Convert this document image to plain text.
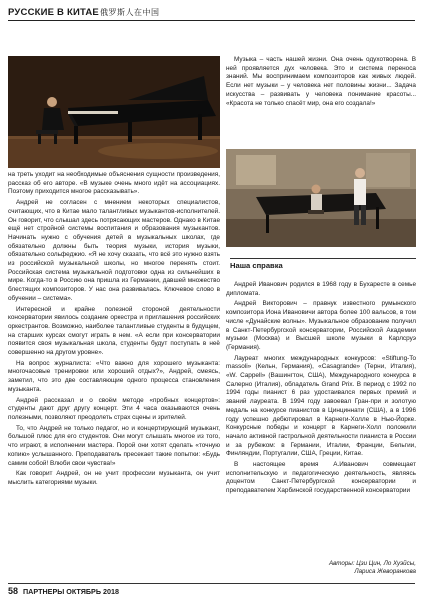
РУССКИЕ В КИТАЕ 俄罗斯人在中国

Музыка – часть нашей жизни. Она очень одухотворена. В ней проявляется дух человека. Это и система переноса знаний. Мы воспринимаем композиторов как живых людей. Если нет музыки – у человека нет половины жизни... Задача искусства – развивать у человека понимание красоты... «Красота не только спасёт мир, она его создала!»

Наша справка

на треть уходит на необходимые объяснения сущности произведения, рассказ об его авторе. «В музыке очень много идёт на ассоциациях. Поэтому приходится многое рассказывать».

Андрей не согласен с мнением некоторых специалистов, считающих, что в Китае мало талантливых музыкантов-исполнителей. Он говорит, что слышал здесь потрясающих мастеров. Однако в Китае ещё нет стройной системы воспитания и образования музыкантов. Начинать нужно с обучения детей в музыкальных школах, где обязательно должны быть теория музыки, история музыки, обязательно сольфеджио. «Я не хочу сказать, что всё это нужно взять из российской музыкальной школы, но многое перенять стоит. Российская система музыкальной подготовки одна из сильнейших в мире. Когда-то в Россию она пришла из Германии, давшей множество блестящих композиторов. У нас она развивалась. Ключевое слово в обучении – система».

Интересной и крайне полезной стороной деятельности консерватории явилось создание оркестра и приглашения российских оркестрантов. Возможно, наиболее талантливые студенты в будущем, на старших курсах смогут играть в нем. «А если при консерватории появится своя музыкальная школа, студенты будут поступать в неё совершенно на другом уровне».

На вопрос журналиста: «Что важно для хорошего музыканта: многочасовые тренировки или хороший отдых?», Андрей, смеясь, заметил, что это две составляющие одного процесса становления музыканта.

Андрей рассказал и о своём методе «пробных концертов»: студенты дают друг другу концерт. Эти 4 часа оказываются очень полезными, позволяют преодолеть страх сцены и зрителей.

То, что Андрей не только педагог, но и концертирующий музыкант, большой плюс для его студентов. Они могут слышать многое из того, что играют, в исполнении мастера. Порой они хотят сделать «точную копию» услышанного. Преподаватель пресекает такие попытки: «Будь самим собой! Влюби свои чувства!»

Как говорит Андрей, он не учит профессии музыканта, он учит мыслить категориями музыки.

Андрей Иванович родился в 1968 году в Бухаресте в семье дипломата.

Андрей Викторович – правнук известного румынского композитора Иона Ивановичи автора более 100 вальсов, в том числе «Дунайские волны». Музыкальное образование получил в Санкт-Петербургской консерватории, Российской Академии музыки (Москва) и Высшей школе музыки в Карлсруэ (Германия).

Лауреат многих международных конкурсов: «Stiftung-To massoli» (Кельн, Германия), «Casagrande» (Терни, Италия), «W. Cappell» (Вашингтон, США), Международного конкурса в Салерно (Италия), обладатель Grand Prix. В период с 1992 по 1994 годы пианист 6 раз удостаивался первых премий и званий лауреата. В 1994 году завоевал Гран-при и золотую медаль на конкурсе пианистов в Цинциннати (США), а в 1996 году успешно дебютировал в Карнеги-Холле в Нью-Йорке. Конкурсные победы и концерт в Карнеги-Холл положили начало активной гастрольной деятельности пианиста в России и за рубежом: в Германии, Италии, Франции, Бельгии, Финляндии, Португалии, США, Греции, Китае.

В настоящее время А.Иванович совмещает исполнительскую и педагогическую деятельность, являясь доцентом Санкт-Петербургской консерватории и преподавателем Харбинской государственной консерватории

Авторы: Цзи Цин, Ло Хуэйсы,
Лариса Жеворанкова
58 ПАРТНЕРЫ ОКТЯБРЬ 2018
